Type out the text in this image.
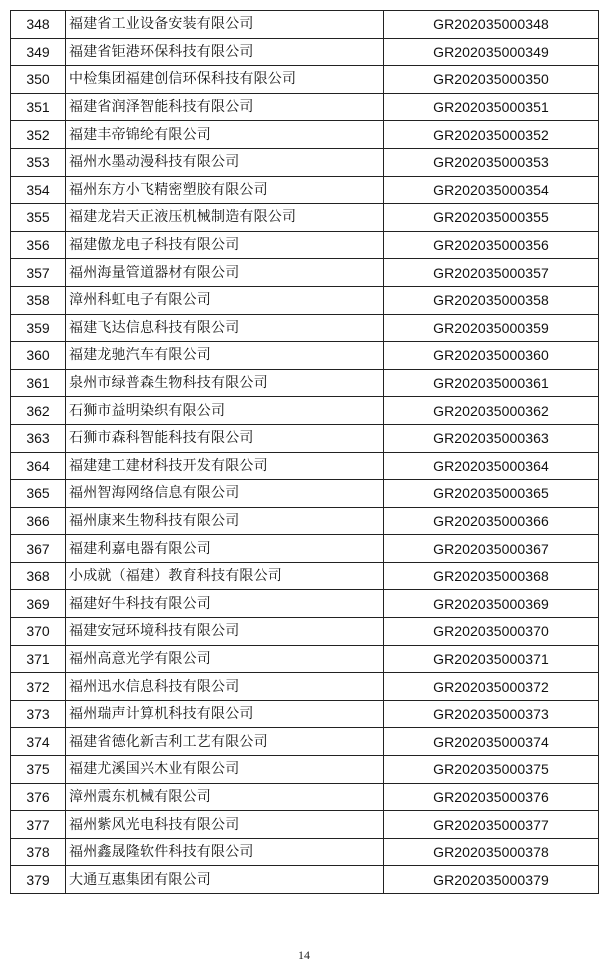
348	福建省工业设备安装有限公司	GR202035000348
349	福建省钜港环保科技有限公司	GR202035000349
350	中检集团福建创信环保科技有限公司	GR202035000350
351	福建省润泽智能科技有限公司	GR202035000351
352	福建丰帝锦纶有限公司	GR202035000352
353	福州水墨动漫科技有限公司	GR202035000353
354	福州东方小飞精密塑胶有限公司	GR202035000354
355	福建龙岩天正液压机械制造有限公司	GR202035000355
356	福建傲龙电子科技有限公司	GR202035000356
357	福州海量管道器材有限公司	GR202035000357
358	漳州科虹电子有限公司	GR202035000358
359	福建飞达信息科技有限公司	GR202035000359
360	福建龙驰汽车有限公司	GR202035000360
361	泉州市绿普森生物科技有限公司	GR202035000361
362	石狮市益明染织有限公司	GR202035000362
363	石狮市森科智能科技有限公司	GR202035000363
364	福建建工建材科技开发有限公司	GR202035000364
365	福州智海网络信息有限公司	GR202035000365
366	福州康来生物科技有限公司	GR202035000366
367	福建利嘉电器有限公司	GR202035000367
368	小成就（福建）教育科技有限公司	GR202035000368
369	福建好牛科技有限公司	GR202035000369
370	福建安冠环境科技有限公司	GR202035000370
371	福州高意光学有限公司	GR202035000371
372	福州迅水信息科技有限公司	GR202035000372
373	福州瑞声计算机科技有限公司	GR202035000373
374	福建省德化新吉利工艺有限公司	GR202035000374
375	福建尤溪国兴木业有限公司	GR202035000375
376	漳州震东机械有限公司	GR202035000376
377	福州紫风光电科技有限公司	GR202035000377
378	福州鑫晟隆软件科技有限公司	GR202035000378
379	大通互惠集团有限公司	GR202035000379
14
